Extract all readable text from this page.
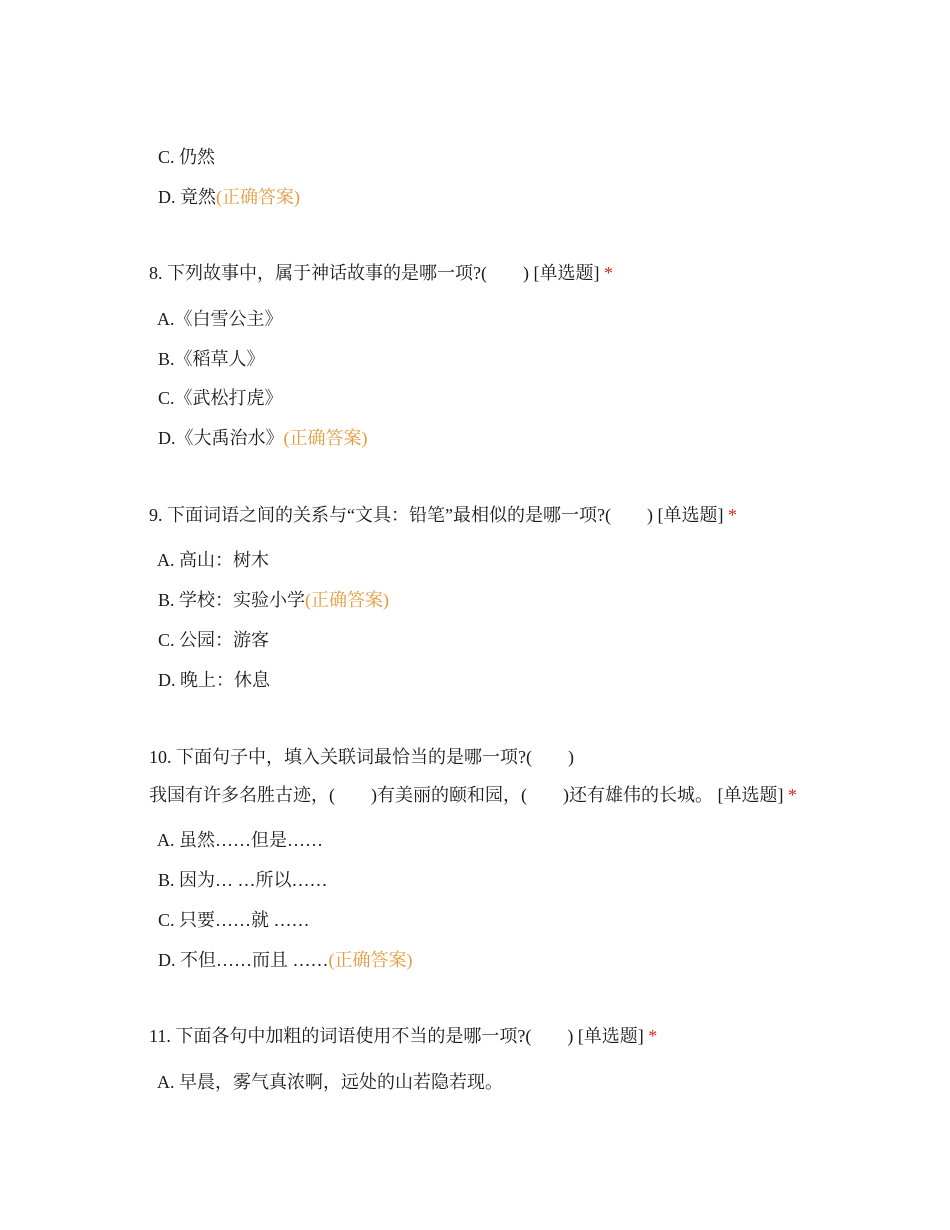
C. 仍然

D. 竟然(正确答案)

8. 下列故事中，属于神话故事的是哪一项?(　　) [单选题] *

A.《白雪公主》

B.《稻草人》

C.《武松打虎》

D.《大禹治水》(正确答案)

9. 下面词语之间的关系与“文具：铅笔”最相似的是哪一项?(　　) [单选题] *

A. 高山：树木

B. 学校：实验小学(正确答案)

C. 公园：游客

D. 晚上：休息

10. 下面句子中，填入关联词最恰当的是哪一项?(　　)

我国有许多名胜古迹，(　　)有美丽的颐和园，(　　)还有雄伟的长城。 [单选题] *

A. 虽然……但是……

B. 因为… …所以……

C. 只要……就 ……

D. 不但……而且 ……(正确答案)

11. 下面各句中加粗的词语使用不当的是哪一项?(　　) [单选题] *

A. 早晨，雾气真浓啊，远处的山若隐若现。
